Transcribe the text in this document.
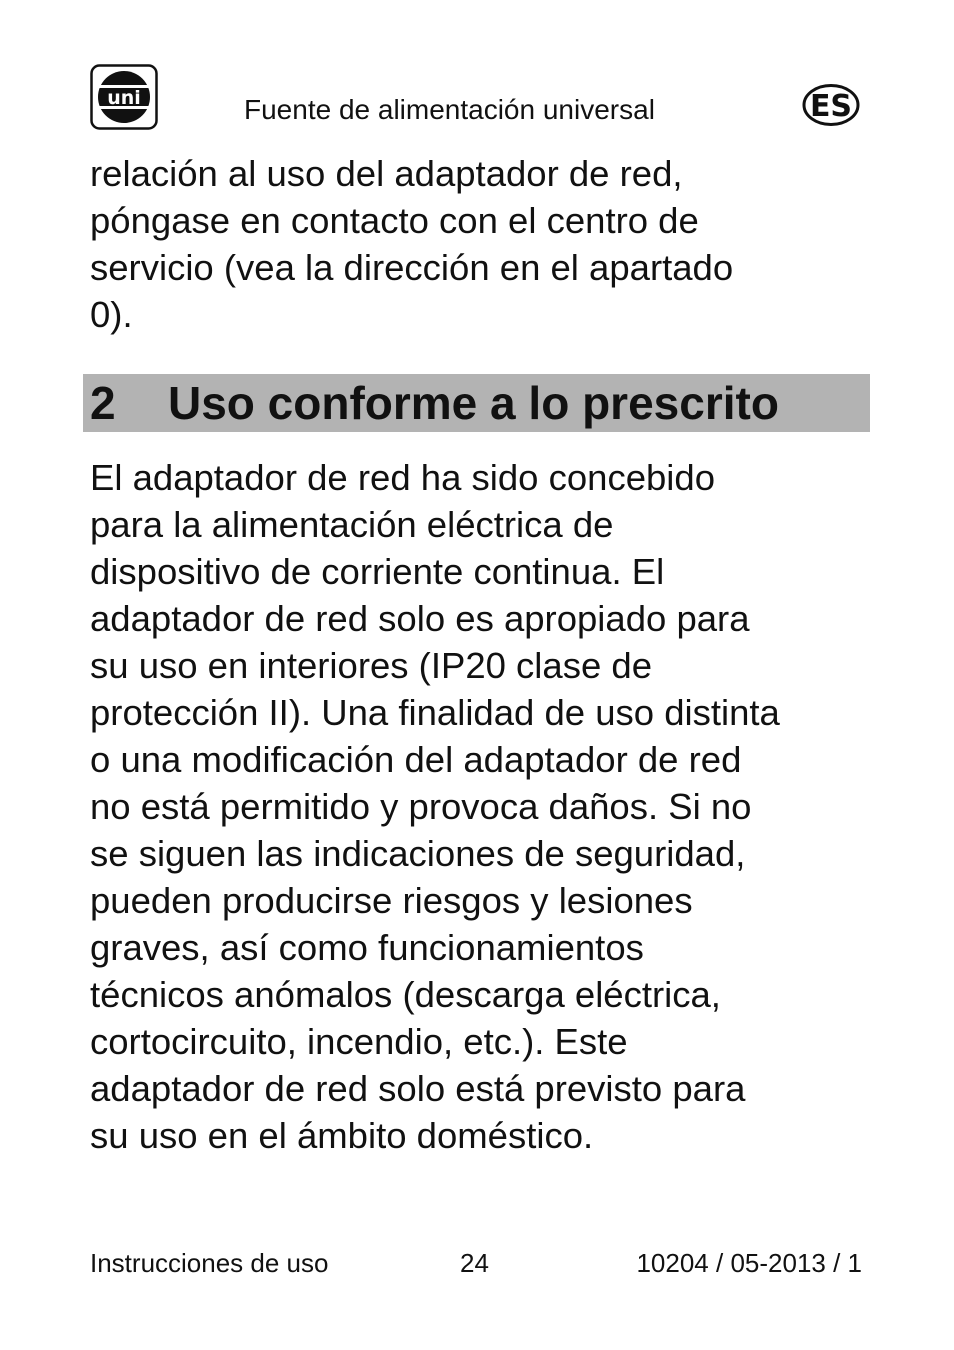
uni	Fuente de alimentación universal	ES
relación al uso del adaptador de red,
póngase en contacto con el centro de
servicio (vea la dirección en el apartado
0).
2 Uso conforme a lo prescrito
El adaptador de red ha sido concebido
para la alimentación eléctrica de
dispositivo de corriente continua. El
adaptador de red solo es apropiado para
su uso en interiores (IP20 clase de
protección II). Una finalidad de uso distinta
o una modificación del adaptador de red
no está permitido y provoca daños. Si no
se siguen las indicaciones de seguridad,
pueden producirse riesgos y lesiones
graves, así como funcionamientos
técnicos anómalos (descarga eléctrica,
cortocircuito, incendio, etc.). Este
adaptador de red solo está previsto para
su uso en el ámbito doméstico.
Instrucciones de uso	24	10204 / 05-2013 / 1
